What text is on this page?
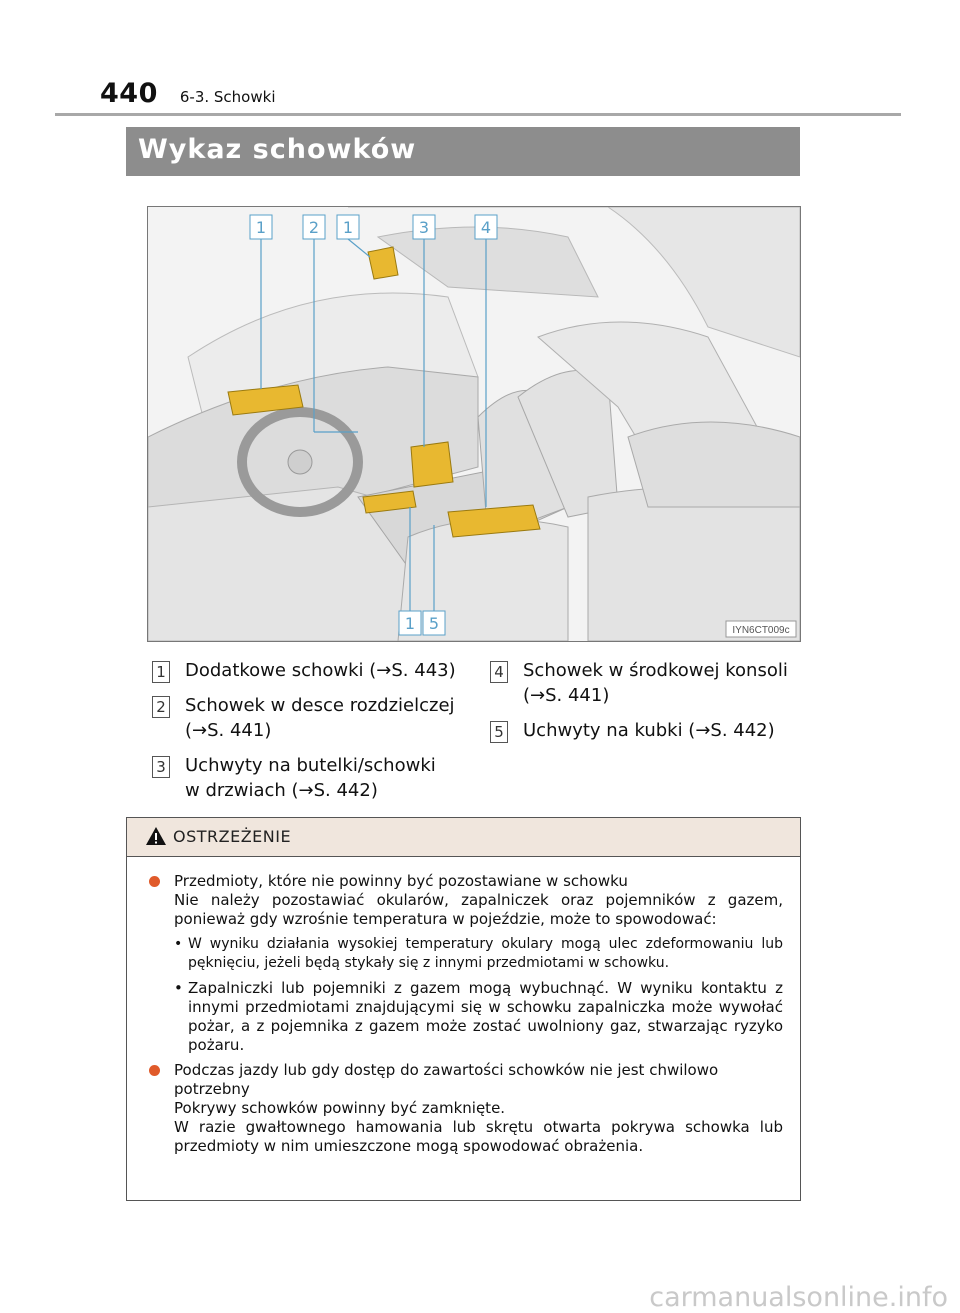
440 6-3. Schowki
Wykaz schowków
1	2 1	3	4
1 5	IYN6CT009c
1 Dodatkowe schowki (→S. 443)
2 Schowek w desce rozdzielczej
(→S. 441)
3 Uchwyty na butelki/schowki
w drzwiach (→S. 442)
4 Schowek w środkowej konsoli
(→S. 441)
5 Uchwyty na kubki (→S. 442)
OSTRZEŻENIE
Przedmioty, które nie powinny być pozostawiane w schowku
Nie należy pozostawiać okularów, zapalniczek oraz pojemników z gazem, ponieważ gdy wzrośnie temperatura w pojeździe, może to spowodować:
• W wyniku działania wysokiej temperatury okulary mogą ulec zdeformowaniu lub pęknięciu, jeżeli będą stykały się z innymi przedmiotami w schowku.
• Zapalniczki lub pojemniki z gazem mogą wybuchnąć. W wyniku kontaktu z innymi przedmiotami znajdującymi się w schowku zapalniczka może wywołać pożar, a z pojemnika z gazem może zostać uwolniony gaz, stwarzając ryzyko pożaru.
Podczas jazdy lub gdy dostęp do zawartości schowków nie jest chwilowo potrzebny
Pokrywy schowków powinny być zamknięte.
W razie gwałtownego hamowania lub skrętu otwarta pokrywa schowka lub przedmioty w nim umieszczone mogą spowodować obrażenia.
carmanualsonline.info
